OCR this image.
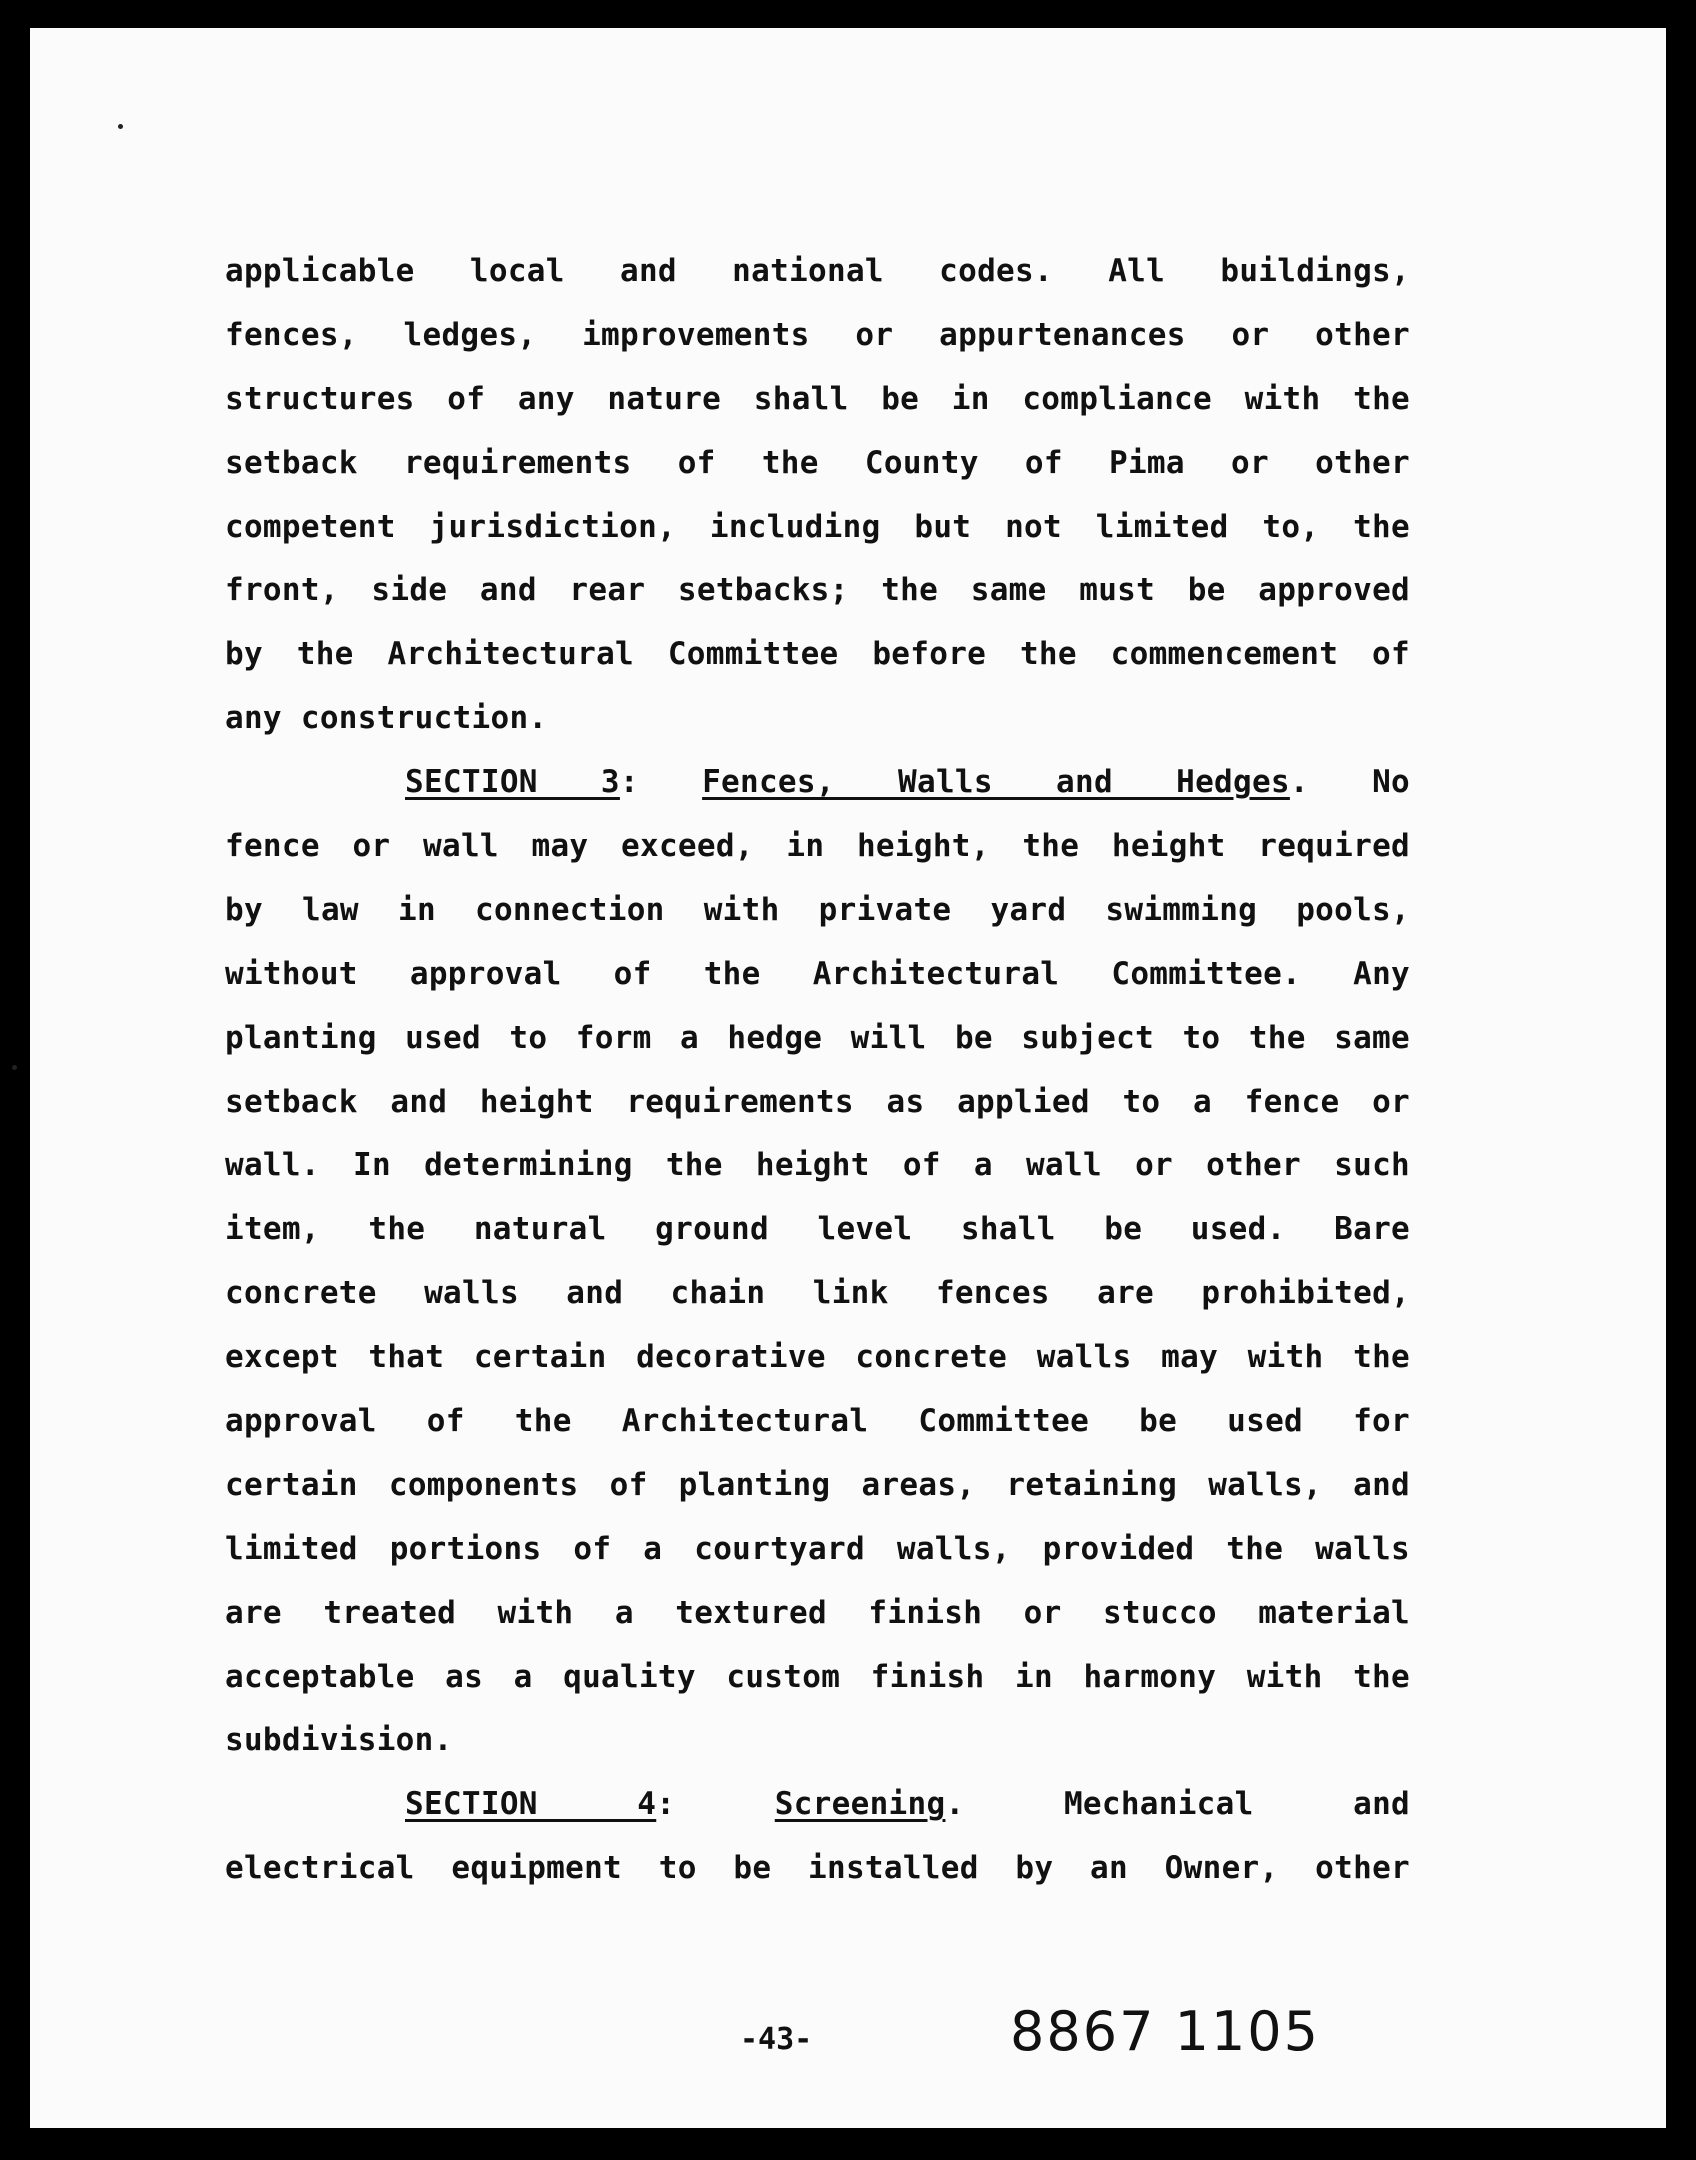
applicable local and national codes. All buildings,
fences, ledges, improvements or appurtenances or other
structures of any nature shall be in compliance with the
setback requirements of the County of Pima or other
competent jurisdiction, including but not limited to, the
front, side and rear setbacks; the same must be approved
by the Architectural Committee before the commencement of
any construction.
SECTION 3: Fences, Walls and Hedges. No
fence or wall may exceed, in height, the height required
by law in connection with private yard swimming pools,
without approval of the Architectural Committee. Any
planting used to form a hedge will be subject to the same
setback and height requirements as applied to a fence or
wall. In determining the height of a wall or other such
item, the natural ground level shall be used. Bare
concrete walls and chain link fences are prohibited,
except that certain decorative concrete walls may with the
approval of the Architectural Committee be used for
certain components of planting areas, retaining walls, and
limited portions of a courtyard walls, provided the walls
are treated with a textured finish or stucco material
acceptable as a quality custom finish in harmony with the
subdivision.
SECTION 4:	Screening.	Mechanical and
electrical equipment to be installed by an Owner, other
-43-	8867 1105
